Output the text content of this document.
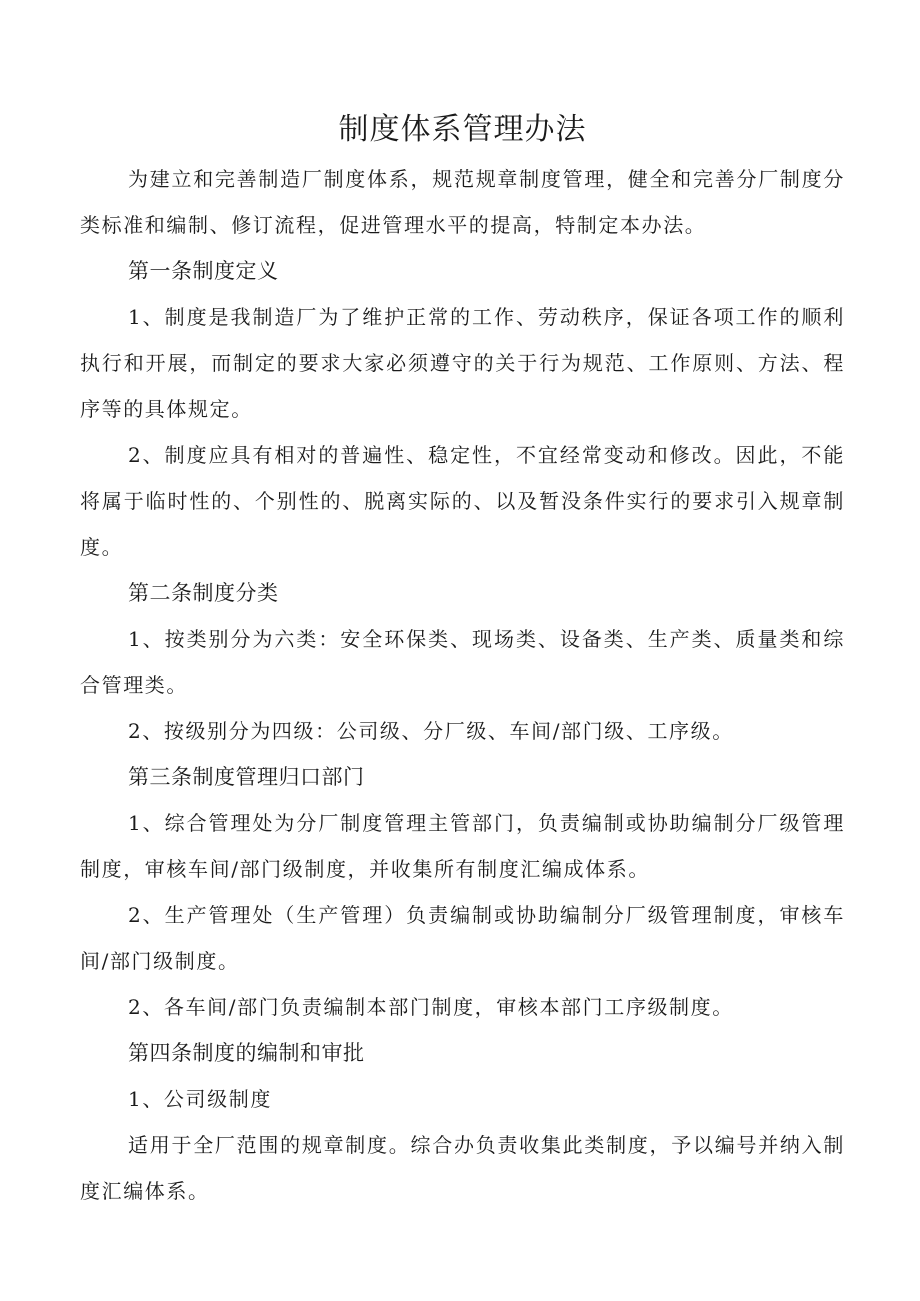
制度体系管理办法

为建立和完善制造厂制度体系，规范规章制度管理，健全和完善分厂制度分类标准和编制、修订流程，促进管理水平的提高，特制定本办法。

第一条制度定义

1、制度是我制造厂为了维护正常的工作、劳动秩序，保证各项工作的顺利执行和开展，而制定的要求大家必须遵守的关于行为规范、工作原则、方法、程序等的具体规定。

2、制度应具有相对的普遍性、稳定性，不宜经常变动和修改。因此，不能将属于临时性的、个别性的、脱离实际的、以及暂没条件实行的要求引入规章制度。

第二条制度分类

1、按类别分为六类：安全环保类、现场类、设备类、生产类、质量类和综合管理类。

2、按级别分为四级：公司级、分厂级、车间/部门级、工序级。

第三条制度管理归口部门

1、综合管理处为分厂制度管理主管部门，负责编制或协助编制分厂级管理制度，审核车间/部门级制度，并收集所有制度汇编成体系。

2、生产管理处（生产管理）负责编制或协助编制分厂级管理制度，审核车间/部门级制度。

2、各车间/部门负责编制本部门制度，审核本部门工序级制度。

第四条制度的编制和审批

1、公司级制度

适用于全厂范围的规章制度。综合办负责收集此类制度，予以编号并纳入制度汇编体系。
